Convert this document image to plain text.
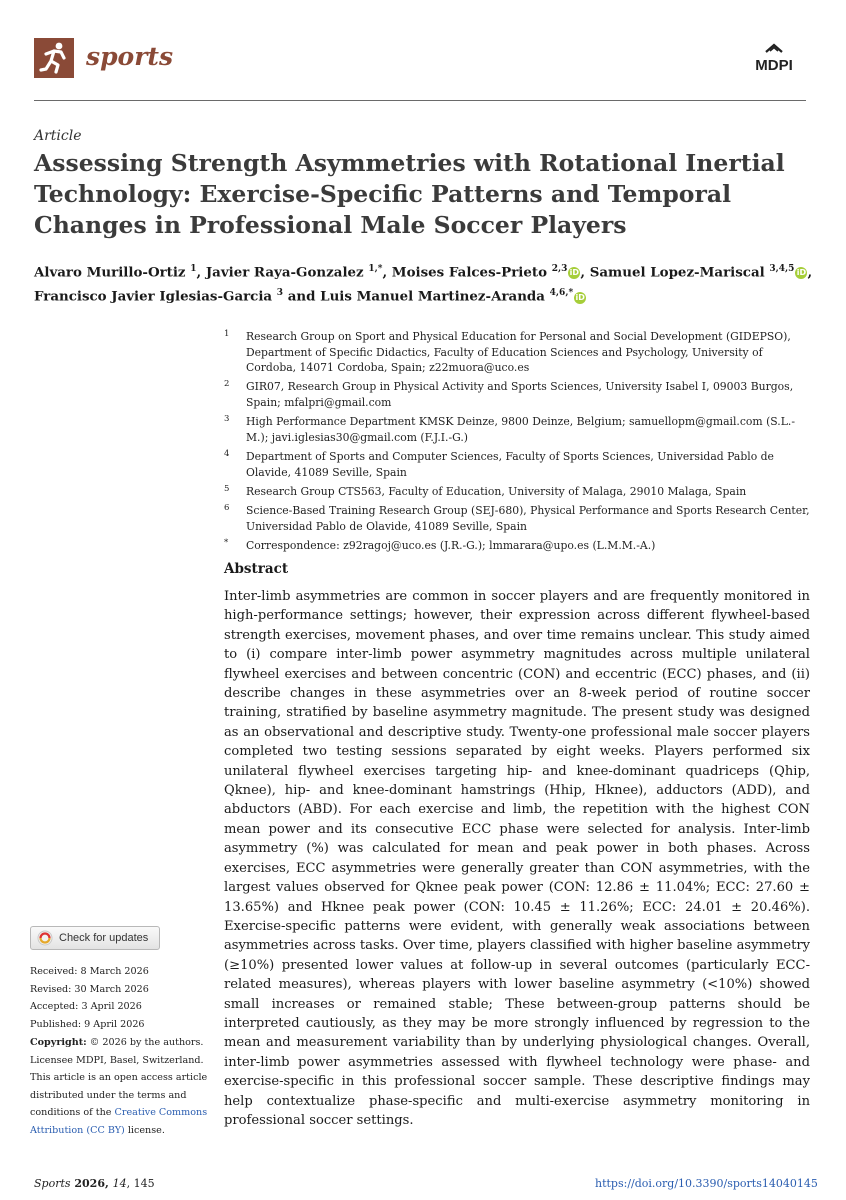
sports	MDPI
Article
Assessing Strength Asymmetries with Rotational Inertial Technology: Exercise-Specific Patterns and Temporal Changes in Professional Male Soccer Players

Alvaro Murillo-Ortiz $^1$, Javier Raya-Gonzalez $^{1,*}$, Moises Falces-Prieto $^{2,3}$ iD, Samuel Lopez-Mariscal $^{3,4,5}$ iD,
Francisco Javier Iglesias-Garcia $^3$ and Luis Manuel Martinez-Aranda $^{4,6,*}$ iD

1 Research Group on Sport and Physical Education for Personal and Social Development (GIDEPSO), Department of Specific Didactics, Faculty of Education Sciences and Psychology, University of Cordoba, 14071 Cordoba, Spain; z22muora@uco.es
2 GIR07, Research Group in Physical Activity and Sports Sciences, University Isabel I, 09003 Burgos, Spain; mfalpri@gmail.com
3 High Performance Department KMSK Deinze, 9800 Deinze, Belgium; samuellopm@gmail.com (S.L.-M.); javi.iglesias30@gmail.com (F.J.I.-G.)
4 Department of Sports and Computer Sciences, Faculty of Sports Sciences, Universidad Pablo de Olavide, 41089 Seville, Spain
5 Research Group CTS563, Faculty of Education, University of Malaga, 29010 Malaga, Spain
6 Science-Based Training Research Group (SEJ-680), Physical Performance and Sports Research Center, Universidad Pablo de Olavide, 41089 Seville, Spain
* Correspondence: z92ragoj@uco.es (J.R.-G.); lmmarara@upo.es (L.M.M.-A.)
Abstract

Inter-limb asymmetries are common in soccer players and are frequently monitored in high-performance settings; however, their expression across different flywheel-based strength exercises, movement phases, and over time remains unclear. This study aimed to (i) compare inter-limb power asymmetry magnitudes across multiple unilateral flywheel exercises and between concentric (CON) and eccentric (ECC) phases, and (ii) describe changes in these asymmetries over an 8-week period of routine soccer training, stratified by baseline asymmetry magnitude. The present study was designed as an observational and descriptive study. Twenty-one professional male soccer players completed two testing sessions separated by eight weeks. Players performed six unilateral flywheel exercises targeting hip- and knee-dominant quadriceps (Qhip, Qknee), hip- and knee-dominant hamstrings (Hhip, Hknee), adductors (ADD), and abductors (ABD). For each exercise and limb, the repetition with the highest CON mean power and its consecutive ECC phase were selected for analysis. Inter-limb asymmetry (%) was calculated for mean and peak power in both phases. Across exercises, ECC asymmetries were generally greater than CON asymmetries, with the largest values observed for Qknee peak power (CON: 12.86 ± 11.04%; ECC: 27.60 ± 13.65%) and Hknee peak power (CON: 10.45 ± 11.26%; ECC: 24.01 ± 20.46%). Exercise-specific patterns were evident, with generally weak associations between asymmetries across tasks. Over time, players classified with higher baseline asymmetry (≥10%) presented lower values at follow-up in several outcomes (particularly ECC-related measures), whereas players with lower baseline asymmetry (<10%) showed small increases or remained stable; These between-group patterns should be interpreted cautiously, as they may be more strongly influenced by regression to the mean and measurement variability than by underlying physiological changes. Overall, inter-limb power asymmetries assessed with flywheel technology were phase- and exercise-specific in this professional soccer sample. These descriptive findings may help contextualize phase-specific and multi-exercise asymmetry monitoring in professional soccer settings.

Check for updates
Received: 8 March 2026
Revised: 30 March 2026
Accepted: 3 April 2026
Published: 9 April 2026

Copyright: © 2026 by the authors. Licensee MDPI, Basel, Switzerland. This article is an open access article distributed under the terms and conditions of the Creative Commons Attribution (CC BY) license.

Sports 2026, 14, 145	https://doi.org/10.3390/sports14040145
